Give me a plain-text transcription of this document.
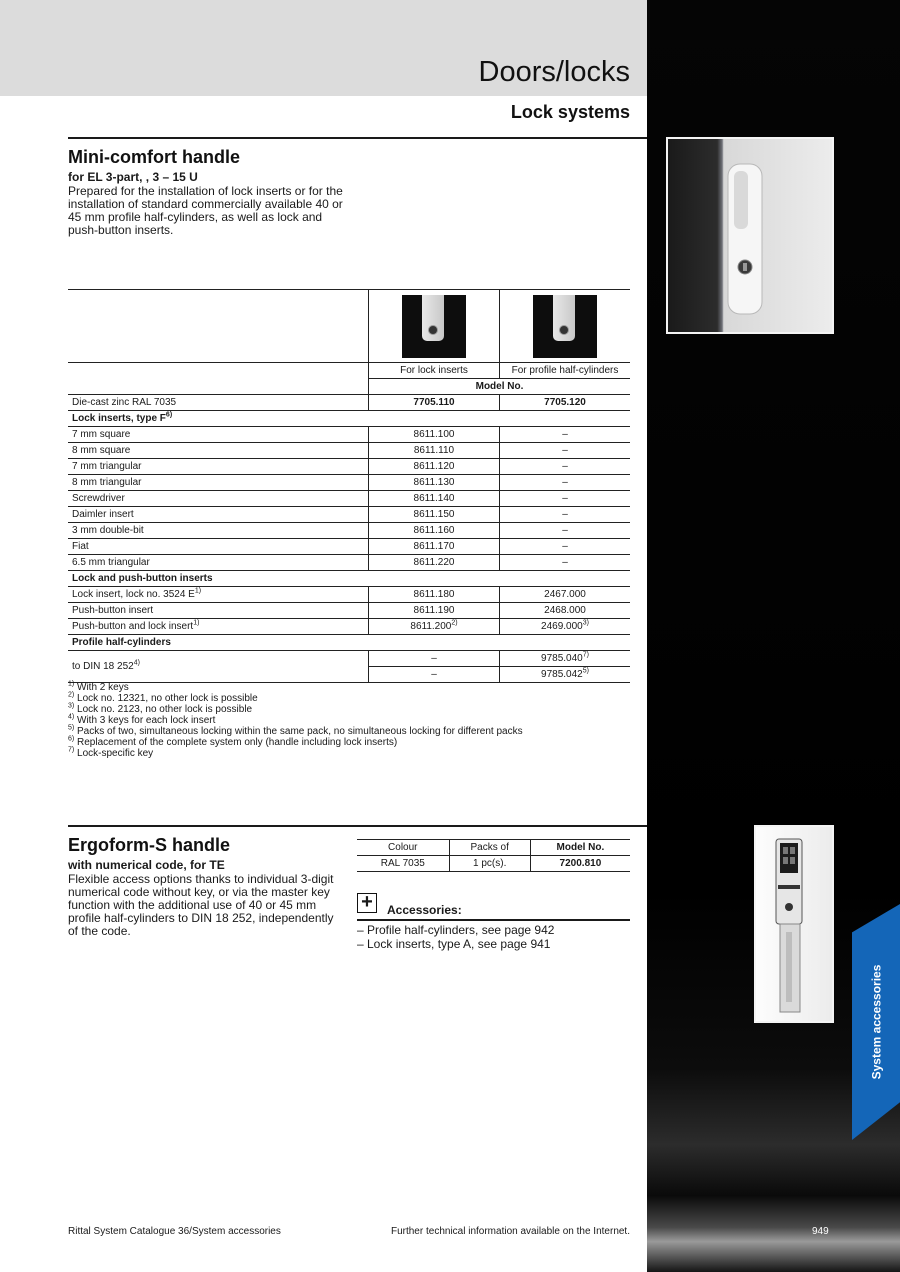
Doors/locks
Lock systems
System accessories
Mini-comfort handle
for EL 3-part, , 3 – 15 U
Prepared for the installation of lock inserts or for the installation of standard commercially available 40 or 45 mm profile half-cylinders, as well as lock and push-button inserts.

	For lock inserts	For profile half-cylinders
	Model No.	
Die-cast zinc RAL 7035	7705.110	7705.120
Lock inserts, type $F^{6)}$
7 mm square	8611.100	–
8 mm square	8611.110	–
7 mm triangular	8611.120	–
8 mm triangular	8611.130	–
Screwdriver	8611.140	–
Daimler insert	8611.150	–
3 mm double-bit	8611.160	–
Fiat	8611.170	–
6.5 mm triangular	8611.220	–
Lock and push-button inserts		
Lock insert, lock no. 3524 $E^{1)}$	8611.180	2467.000
Push-button insert	8611.190	2468.000
Push-button and lock insert$^{1)}$	8611.200$^{2)}$	2469.000$^{3)}$
Profile half-cylinders		
to DIN 18 252$^{4)}$	–	9785.040$^{7)}$
	–	9785.042$^{5)}$
$^{1)}$ With 2 keys
$^{2)}$ Lock no. 12321, no other lock is possible
$^{3)}$ Lock no. 2123, no other lock is possible
$^{4)}$ With 3 keys for each lock insert
$^{5)}$ Packs of two, simultaneous locking within the same pack, no simultaneous locking for different packs
$^{6)}$ Replacement of the complete system only (handle including lock inserts)
$^{7)}$ Lock-specific key
Ergoform-S handle
with numerical code, for TE
Flexible access options thanks to individual 3-digit numerical code without key, or via the master key function with the additional use of 40 or 45 mm profile half-cylinders to DIN 18 252, independently of the code.
Colour	Packs of	Model No.
RAL 7035	1 pc(s).	7200.810
+	Accessories:
– Profile half-cylinders, see page 942
– Lock inserts, type A, see page 941
Rittal System Catalogue 36/System accessories	Further technical information available on the Internet.	949
